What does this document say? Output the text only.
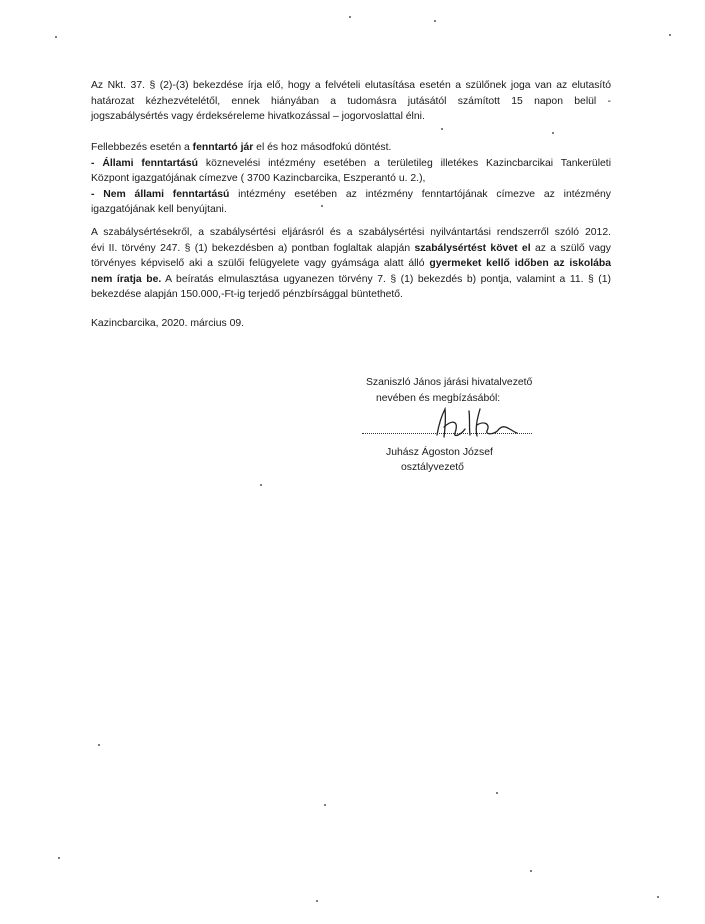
Az Nkt. 37. § (2)-(3) bekezdése írja elő, hogy a felvételi elutasítása esetén a szülőnek joga van az elutasító
határozat kézhezvételétől, ennek hiányában a tudomásra jutásától számított 15 napon belül -
jogszabálysértés vagy érdekséreleme hivatkozással – jogorvoslattal élni.
Fellebbezés esetén a fenntartó jár el és hoz másodfokú döntést.
- Állami fenntartású köznevelési intézmény esetében a területileg illetékes Kazincbarcikai Tankerületi
Központ igazgatójának címezve ( 3700 Kazincbarcika, Eszperantó u. 2.),
- Nem állami fenntartású intézmény esetében az intézmény fenntartójának címezve az intézmény
igazgatójának kell benyújtani.
A szabálysértésekről, a szabálysértési eljárásról és a szabálysértési nyilvántartási rendszerről szóló 2012.
évi II. törvény 247. § (1) bekezdésben a) pontban foglaltak alapján szabálysértést követ el az a szülő vagy
törvényes képviselő aki a szülői felügyelete vagy gyámsága alatt álló gyermeket kellő időben az iskolába
nem íratja be. A beíratás elmulasztása ugyanezen törvény 7. § (1) bekezdés b) pontja, valamint a 11. § (1)
bekezdése alapján 150.000,-Ft-ig terjedő pénzbírsággal büntethető.
Kazincbarcika, 2020. március 09.
Szaniszló János járási hivatalvezető
nevében és megbízásából:
Juhász Ágoston József
osztályvezető
